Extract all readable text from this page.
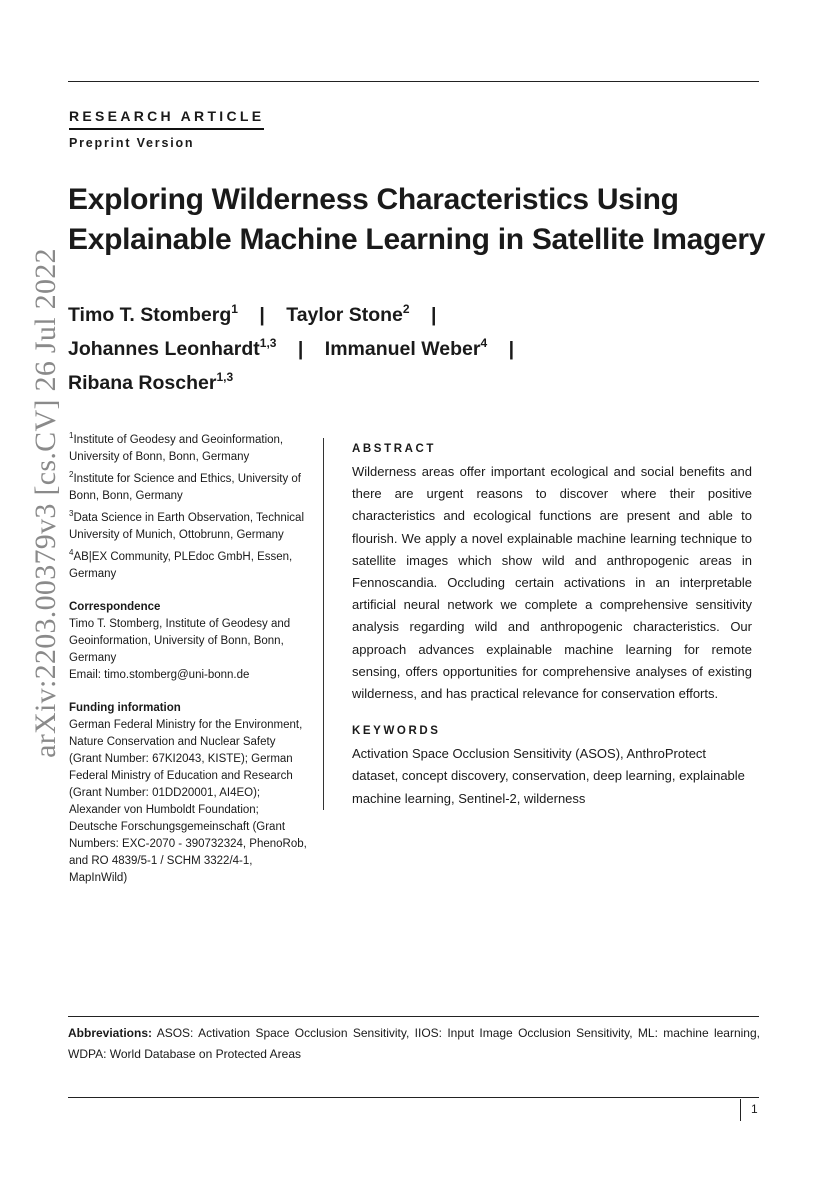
arXiv:2203.00379v3 [cs.CV] 26 Jul 2022
RESEARCH ARTICLE
Preprint Version
Exploring Wilderness Characteristics Using Explainable Machine Learning in Satellite Imagery
Timo T. Stomberg$^1$ | Taylor Stone$^2$ |
Johannes Leonhardt$^{1,3}$ | Immanuel Weber$^4$ |
Ribana Roscher$^{1,3}$
$^1$Institute of Geodesy and Geoinformation, University of Bonn, Bonn, Germany
$^2$Institute for Science and Ethics, University of Bonn, Bonn, Germany
$^3$Data Science in Earth Observation, Technical University of Munich, Ottobrunn, Germany
$^4$AB|EX Community, PLEdoc GmbH, Essen, Germany
Correspondence
Timo T. Stomberg, Institute of Geodesy and Geoinformation, University of Bonn, Bonn, Germany
Email: timo.stomberg@uni-bonn.de
Funding information
German Federal Ministry for the Environment, Nature Conservation and Nuclear Safety (Grant Number: 67KI2043, KISTE); German Federal Ministry of Education and Research (Grant Number: 01DD20001, AI4EO); Alexander von Humboldt Foundation; Deutsche Forschungsgemeinschaft (Grant Numbers: EXC-2070 - 390732324, PhenoRob, and RO 4839/5-1 / SCHM 3322/4-1, MapInWild)
ABSTRACT
Wilderness areas offer important ecological and social benefits and there are urgent reasons to discover where their positive characteristics and ecological functions are present and able to flourish. We apply a novel explainable machine learning technique to satellite images which show wild and anthropogenic areas in Fennoscandia. Occluding certain activations in an interpretable artificial neural network we complete a comprehensive sensitivity analysis regarding wild and anthropogenic characteristics. Our approach advances explainable machine learning for remote sensing, offers opportunities for comprehensive analyses of existing wilderness, and has practical relevance for conservation efforts.
KEYWORDS
Activation Space Occlusion Sensitivity (ASOS), AnthroProtect dataset, concept discovery, conservation, deep learning, explainable machine learning, Sentinel-2, wilderness
Abbreviations: ASOS: Activation Space Occlusion Sensitivity, IIOS: Input Image Occlusion Sensitivity, ML: machine learning, WDPA: World Database on Protected Areas
1
